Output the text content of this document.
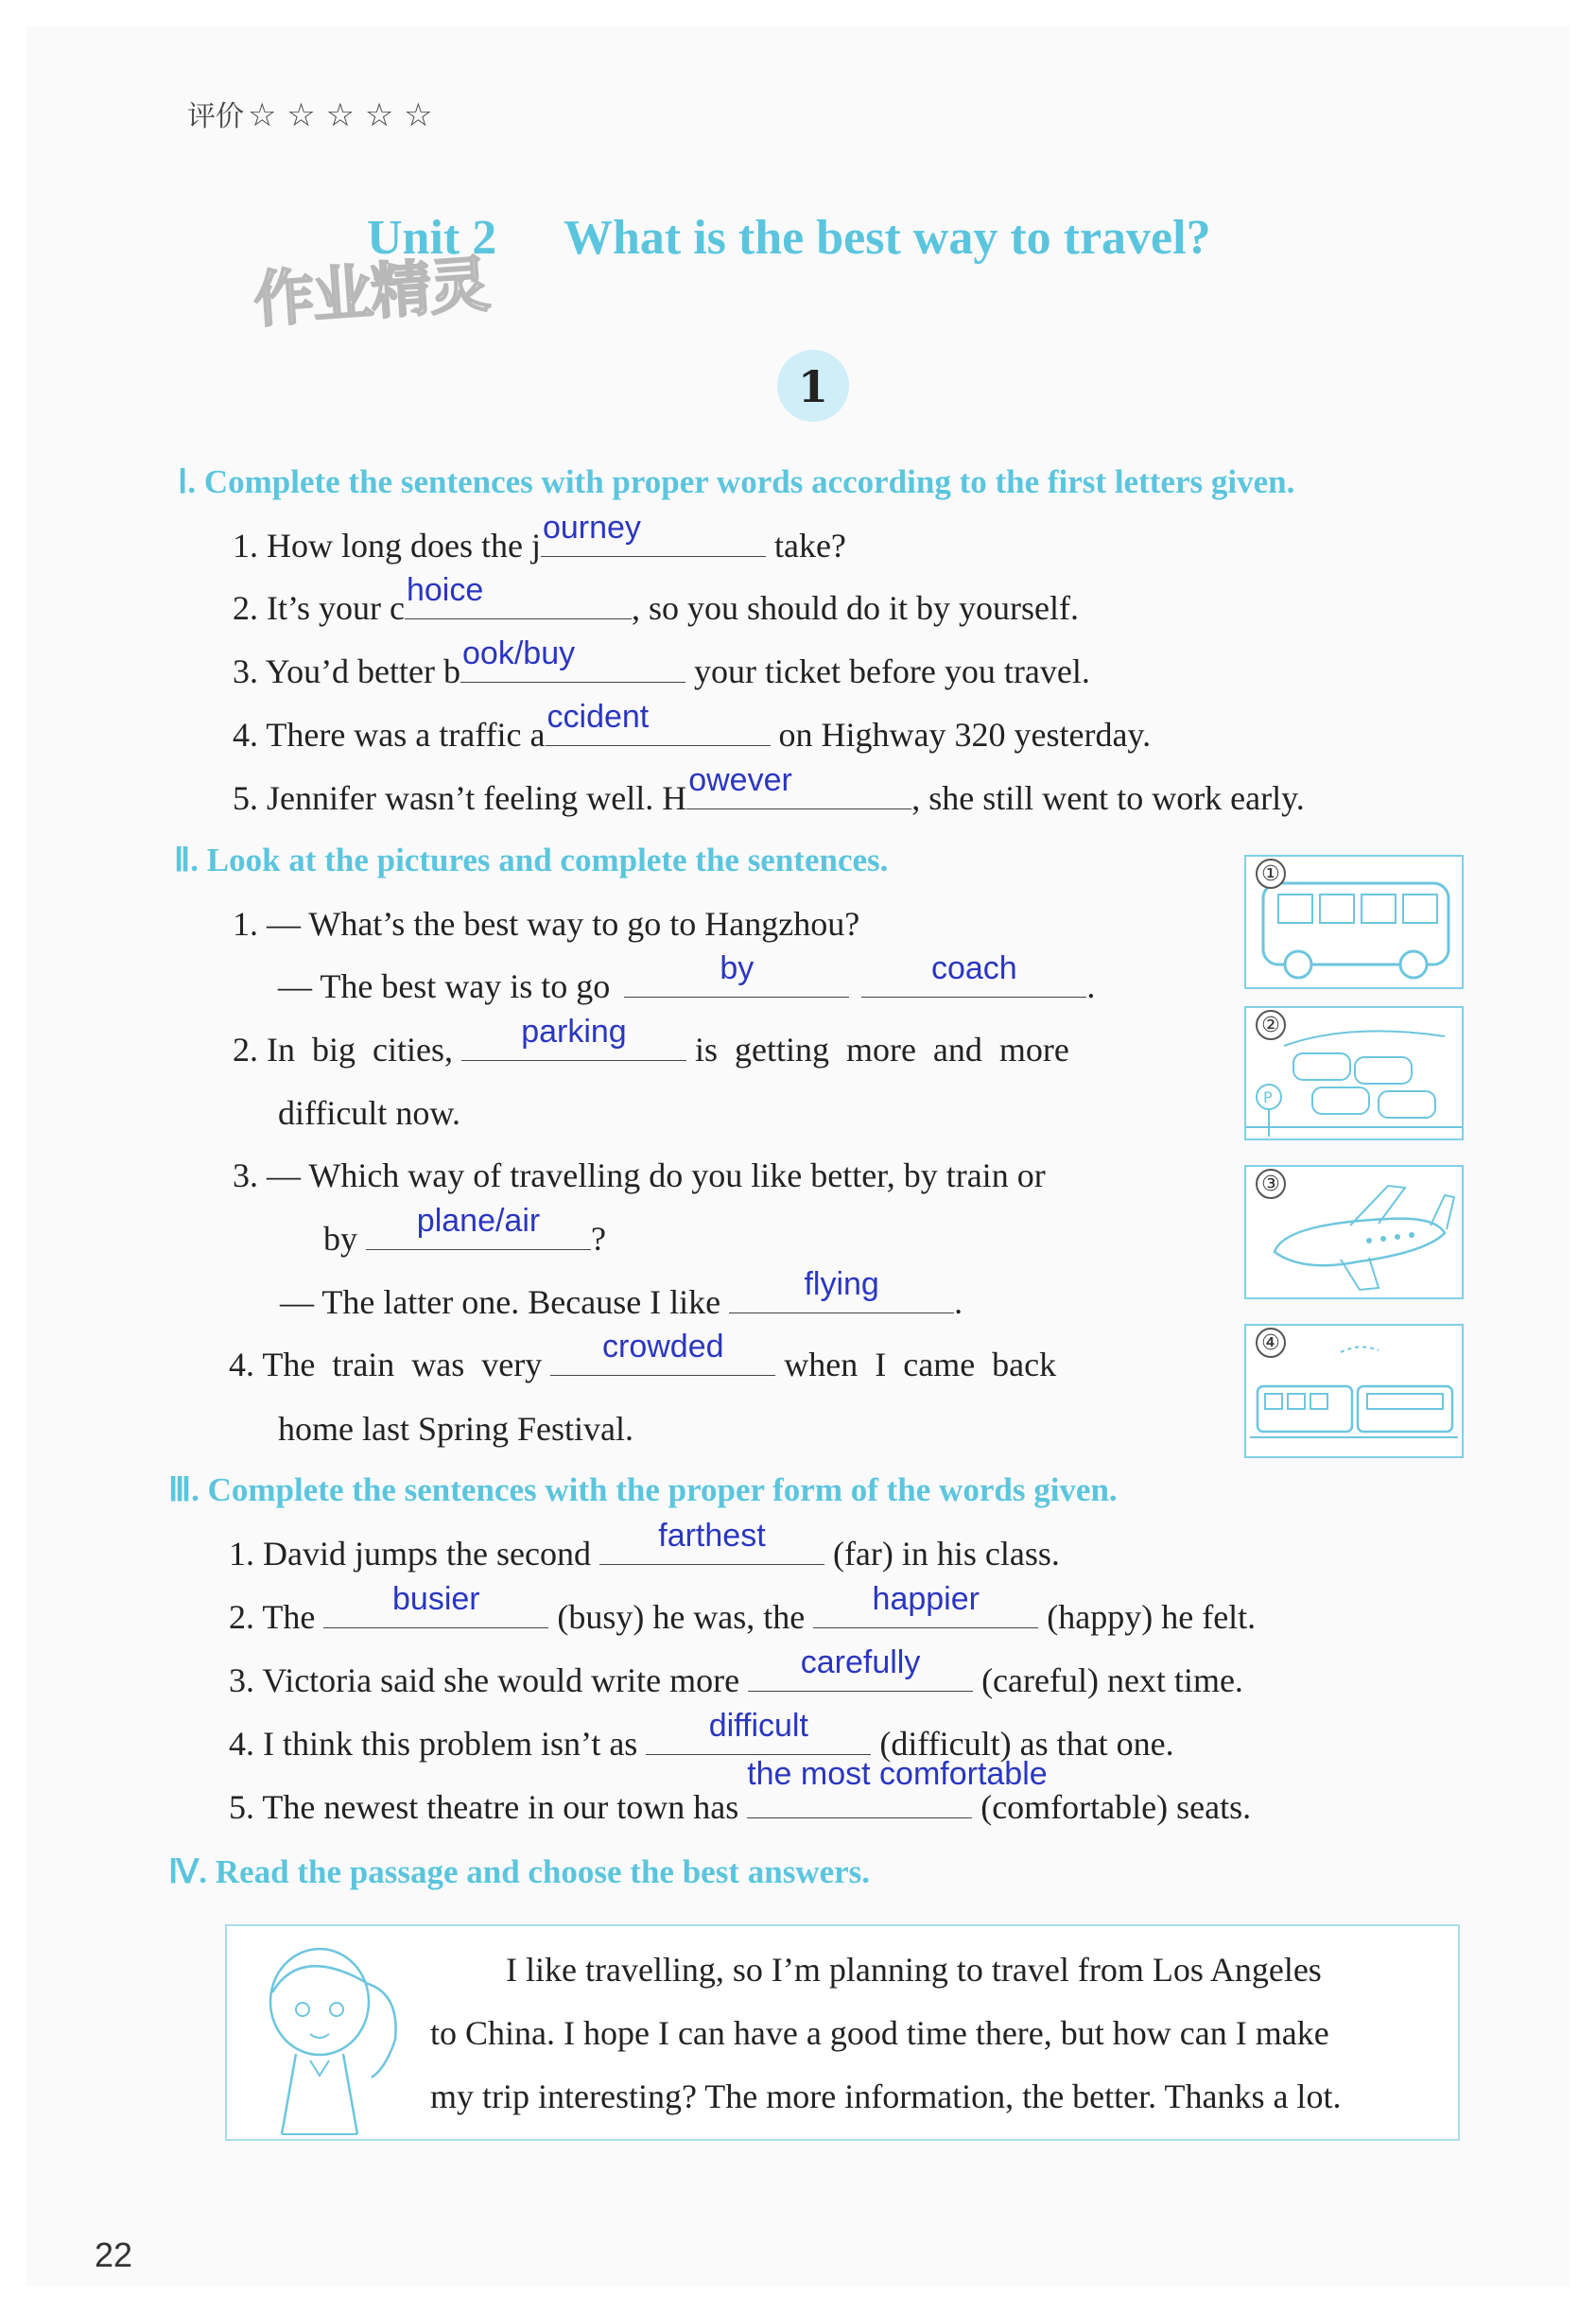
评价 ☆ ☆ ☆ ☆ ☆
作业精灵
Unit 2 What is the best way to travel?
1
Ⅰ. Complete the sentences with proper words according to the first letters given.
1. How long does the j ourney	take?
2. It’s your c hoice	, so you should do it by yourself.
3. You’d better b ook/buy	your ticket before you travel.
4. There was a traffic a ccident	on Highway 320 yesterday.
5. Jennifer wasn’t feeling well. H owever	, she still went to work early.
Ⅱ. Look at the pictures and complete the sentences.
1. — What’s the best way to go to Hangzhou?
— The best way is to go	by
	coach	.
2. In  big  cities,	parking	is  getting  more  and  more
difficult now.
3. — Which way of travelling do you like better, by train or
by	plane/air	?
— The latter one. Because I like	flying	.
4. The  train  was  very	crowded	when  I  came  back
home last Spring Festival.
①
P
②
③
④
Ⅲ. Complete the sentences with the proper form of the words given.
1. David jumps the second	farthest	(far) in his class.
2. The	busier	(busy) he was, the	happier	(happy) he felt.
3. Victoria said she would write more	carefully	(careful) next time.
4. I think this problem isn’t as	difficult	(difficult) as that one.
5. The newest theatre in our town has
the most comfortable
(comfortable) seats.
Ⅳ. Read the passage and choose the best answers.
I like travelling, so I’m planning to travel from Los Angeles
to China. I hope I can have a good time there, but how can I make
my trip interesting? The more information, the better. Thanks a lot.
22
